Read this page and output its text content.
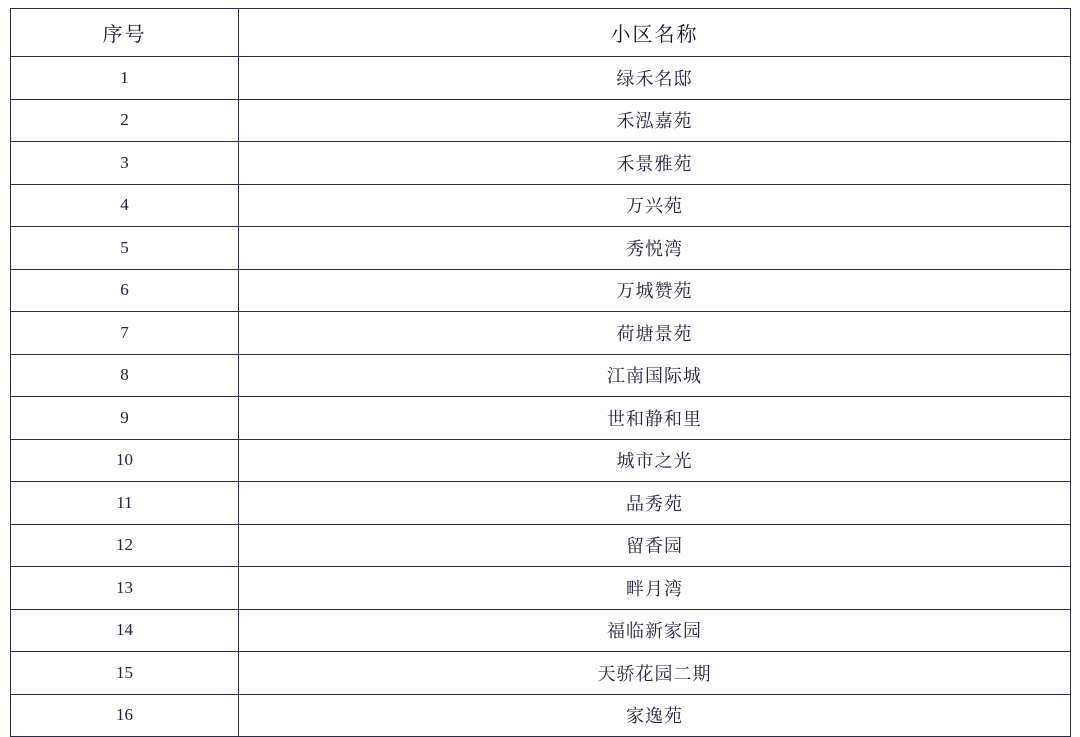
序号	小区名称
1	绿禾名邸
2	禾泓嘉苑
3	禾景雅苑
4	万兴苑
5	秀悦湾
6	万城赞苑
7	荷塘景苑
8	江南国际城
9	世和静和里
10	城市之光
11	品秀苑
12	留香园
13	畔月湾
14	福临新家园
15	天骄花园二期
16	家逸苑
